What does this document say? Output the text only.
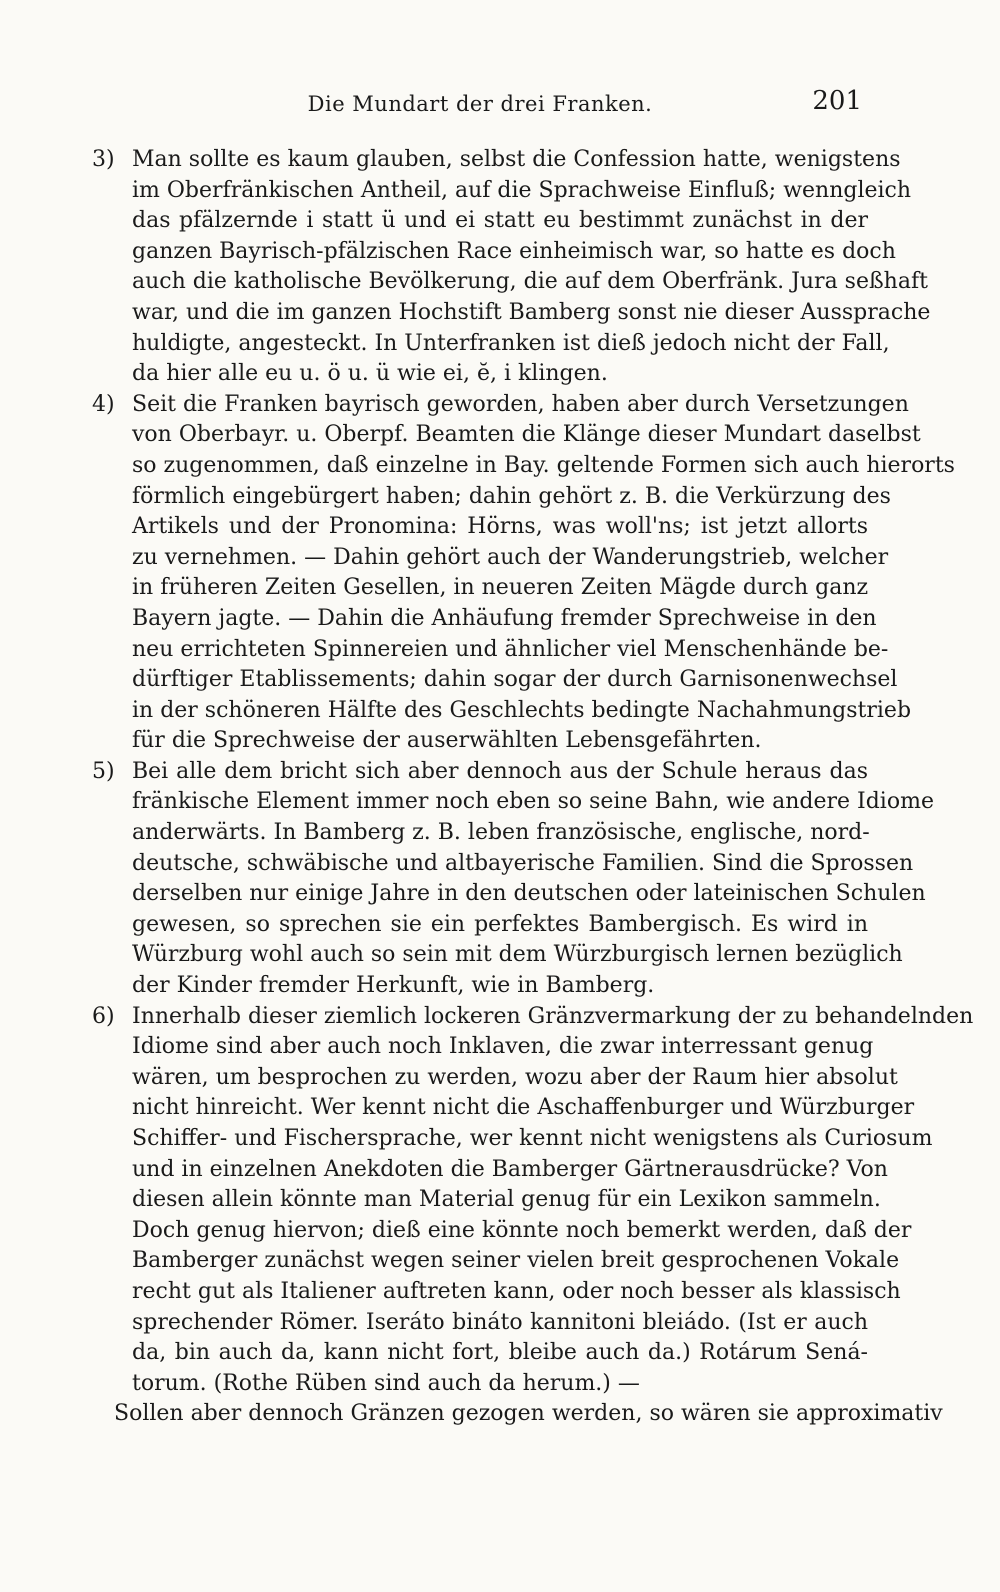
Die Mundart der drei Franken.	201
3) Man sollte es kaum glauben, selbst die Confession hatte, wenigstens
im Oberfränkischen Antheil, auf die Sprachweise Einfluß; wenngleich
das pfälzernde i statt ü und ei statt eu bestimmt zunächst in der
ganzen Bayrisch-pfälzischen Race einheimisch war, so hatte es doch
auch die katholische Bevölkerung, die auf dem Oberfränk. Jura seßhaft
war, und die im ganzen Hochstift Bamberg sonst nie dieser Aussprache
huldigte, angesteckt. In Unterfranken ist dieß jedoch nicht der Fall,
da hier alle eu u. ö u. ü wie ei, ĕ, i klingen.
4) Seit die Franken bayrisch geworden, haben aber durch Versetzungen
von Oberbayr. u. Oberpf. Beamten die Klänge dieser Mundart daselbst
so zugenommen, daß einzelne in Bay. geltende Formen sich auch hierorts
förmlich eingebürgert haben; dahin gehört z. B. die Verkürzung des
Artikels und der Pronomina: Hörns, was woll'ns; ist jetzt allorts
zu vernehmen. — Dahin gehört auch der Wanderungstrieb, welcher
in früheren Zeiten Gesellen, in neueren Zeiten Mägde durch ganz
Bayern jagte. — Dahin die Anhäufung fremder Sprechweise in den
neu errichteten Spinnereien und ähnlicher viel Menschenhände be-
dürftiger Etablissements; dahin sogar der durch Garnisonenwechsel
in der schöneren Hälfte des Geschlechts bedingte Nachahmungstrieb
für die Sprechweise der auserwählten Lebensgefährten.
5) Bei alle dem bricht sich aber dennoch aus der Schule heraus das
fränkische Element immer noch eben so seine Bahn, wie andere Idiome
anderwärts. In Bamberg z. B. leben französische, englische, nord-
deutsche, schwäbische und altbayerische Familien. Sind die Sprossen
derselben nur einige Jahre in den deutschen oder lateinischen Schulen
gewesen, so sprechen sie ein perfektes Bambergisch. Es wird in
Würzburg wohl auch so sein mit dem Würzburgisch lernen bezüglich
der Kinder fremder Herkunft, wie in Bamberg.
6) Innerhalb dieser ziemlich lockeren Gränzvermarkung der zu behandelnden
Idiome sind aber auch noch Inklaven, die zwar interressant genug
wären, um besprochen zu werden, wozu aber der Raum hier absolut
nicht hinreicht. Wer kennt nicht die Aschaffenburger und Würzburger
Schiffer- und Fischersprache, wer kennt nicht wenigstens als Curiosum
und in einzelnen Anekdoten die Bamberger Gärtnerausdrücke? Von
diesen allein könnte man Material genug für ein Lexikon sammeln.
Doch genug hiervon; dieß eine könnte noch bemerkt werden, daß der
Bamberger zunächst wegen seiner vielen breit gesprochenen Vokale
recht gut als Italiener auftreten kann, oder noch besser als klassisch
sprechender Römer. Iseráto bináto kannitoni bleiádo. (Ist er auch
da, bin auch da, kann nicht fort, bleibe auch da.) Rotárum Sená-
torum. (Rothe Rüben sind auch da herum.) —
Sollen aber dennoch Gränzen gezogen werden, so wären sie approximativ
